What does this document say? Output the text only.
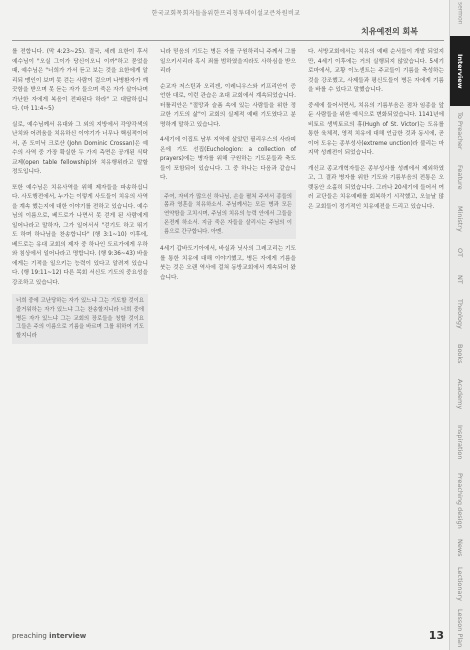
한국교회목회자들을위한프리칭투데이설교큰차원비교
치유예전의 회복

를 전합니다. (막 4:23~25). 결국, 세례 요한이 후서 예수님이 "오실 그이가 당신이오니 이까"하고 묻었을 때, 예수님은 "너희가 가서 듣고 보는 것을 요한에게 알리되 맹인이 보며 못 걷는 사람이 걸으며 나병환자가 깨끗함을 받으며 못 듣는 자가 들으며 죽은 자가 살아나며 가난한 자에게 복음이 전파된다 하라" 고 대답하십니다. (마 11:4~5)

실로, 예수님께서 유대와 그 외의 지방에서 각양각색의 난치와 어려움을 치유하신 이야기가 너무나 핵심적이어서, 존 도미닉 크로산 (John Dominic Crossan)은 예수의 사역 중 가장 확실한 두 가지 측면은 공개된 식탁교제(open table fellowship)와 치유행위라고 말할 정도입니다.

또한 예수님은 치유사역을 위해 제자들을 파송하십니다. 사도행전에서, 누가는 이렇게 사도들이 치유의 사역을 계속 했는지에 대한 이야기를 전하고 있습니다. 예수님의 이름으로, 베드로가 나면서 못 걷게 된 사람에게 일어나라고 말하자, 그가 일어서서 "걷기도 하고 뛰기도 하며 하나님을 찬송합니다" (행 3:1~10) 이후에, 베드로는 유대 교회의 제자 중 하나인 도르가에게 우하와 침상에서 일어나라고 명합니다. (행 9:36~43) 바울에게는 기적을 일으키는 능력이 있다고 알려져 있습니다. (행 19:11~12) 다른 목회 서신도 기도의 중요성을 강조하고 있습니다.

너희 중에 고난당하는 자가 있느냐 그는 기도할 것이요 즐거워하는 자가 있느냐 그는 찬송할지니라 너희 중에 병든 자가 있느냐 그는 교회의 장로들을 청할 것이요 그들은 주의 이름으로 기름을 바르며 그를 위하여 기도할지니라

니라 믿음의 기도는 병든 자를 구원하리니 주께서 그를 일으키시리라 혹시 죄를 범하였을지라도 사하심을 받으리라

순교자 저스틴과 오리겐, 이레니우스와 키프리안이 증언한 대로, 이런 관습은 초대 교회에서 계속되었습니다. 터툴리안은 "절망과 슬픔 속에 있는 사람들을 위한 정교한 기도의 삶"이 교회의 실제적 예배 기도였다고 분명하게 말하고 있습니다.

4세기에 이집트 남부 지역에 살았던 필리우스의 사라피온에 기도 선집(Euchologion: a collection of prayers)에는 병자를 위해 구원하는 기도문들과 축도들이 포함되어 있습니다. 그 중 하나는 다음과 같습니다.

주여, 자비가 많으신 하나님, 손을 펼쳐 주셔서 종들의 몸과 영혼을 치유하소서. 주님께서는 모든 병과 모든 연약함을 고치시며, 주님의 치유의 능력 안에서 그들을 온전케 하소서. 지금 죽은 자들을 살리시는 주님의 이름으로 간구합니다. 아멘.

4세기 갑바도기아에서, 바실과 닛사의 그레고리는 기도를 통한 치유에 대해 이야기했고, 병든 자에게 기름을 붓는 것은 오랜 역사에 걸쳐 동방교회에서 계속되어 왔습니다.

다. 서방교회에서는 치유의 예배 순서들이 개발 되었지만, 4세기 이후에는 거의 실행되지 않았습니다. 5세기 로마에서, 교황 이노센트는 주교들이 기름을 축성하는 것을 강조했고, 사제들과 평신도들이 병든 자에게 기름을 바를 수 있다고 말했습니다.

중세에 들어서면서, 치유의 기름부음은 점차 임종을 앞둔 사람들을 위한 예식으로 변화되었습니다. 1141년에 비토르 생빅토르의 휴(Hugh of St. Victor)는 도유를 통한 육체적, 영적 치유에 대해 언급한 것과 동시에, 곧 이어 도유는 종부성사(extreme unction)라 불리는 마지막 성례전이 되었습니다.

개신교 종교개혁자들은 종부성사를 성례에서 제외하였고, 그 결과 병자를 위한 기도와 기름부음의 전통은 오랫동안 소홀히 되었습니다. 그러나 20세기에 들어서 여러 교단들은 치유예배를 회복하기 시작했고, 오늘날 많은 교회들이 정기적인 치유예전을 드리고 있습니다.

preaching interview	13
sermon
Interview
To Preacher
Feature
Ministry
OT
NT
Theology
Books
Academy
Inspiration
Preaching design
News
Lectionary
Lesson Plan
